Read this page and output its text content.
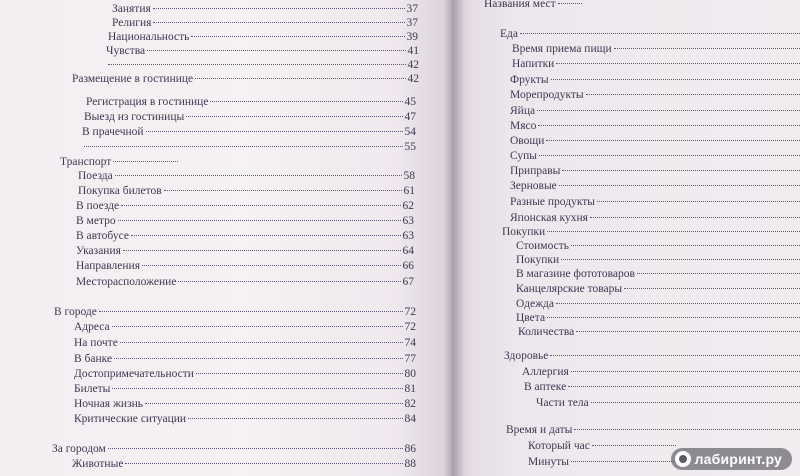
Занятия	37
Религия	37
Национальность	39
Чувства	41
42
Размещение в гостинице	42
Регистрация в гостинице	45
Выезд из гостиницы	47
В прачечной	54
55
Транспорт
Поезда	58
Покупка билетов	61
В поезде	62
В метро	63
В автобусе	63
Указания	64
Направления	66
Месторасположение	67
В городе	72
Адреса	72
На почте	74
В банке	77
Достопримечательности	80
Билеты	81
Ночная жизнь	82
Критические ситуации	84
За городом	86
Животные	88
Названия мест
Еда
Время приема пищи
Напитки
Фрукты
Морепродукты
Яйца
Мясо
Овощи
Супы
Приправы
Зерновые
Разные продукты
Японская кухня
Покупки
Стоимость
Покупки
В магазине фототоваров
Канцелярские товары
Одежда
Цвета
Количества
Здоровье
Аллергия
В аптеке
Части тела
Время и даты
Который час
Минуты	лабиринт.ру
